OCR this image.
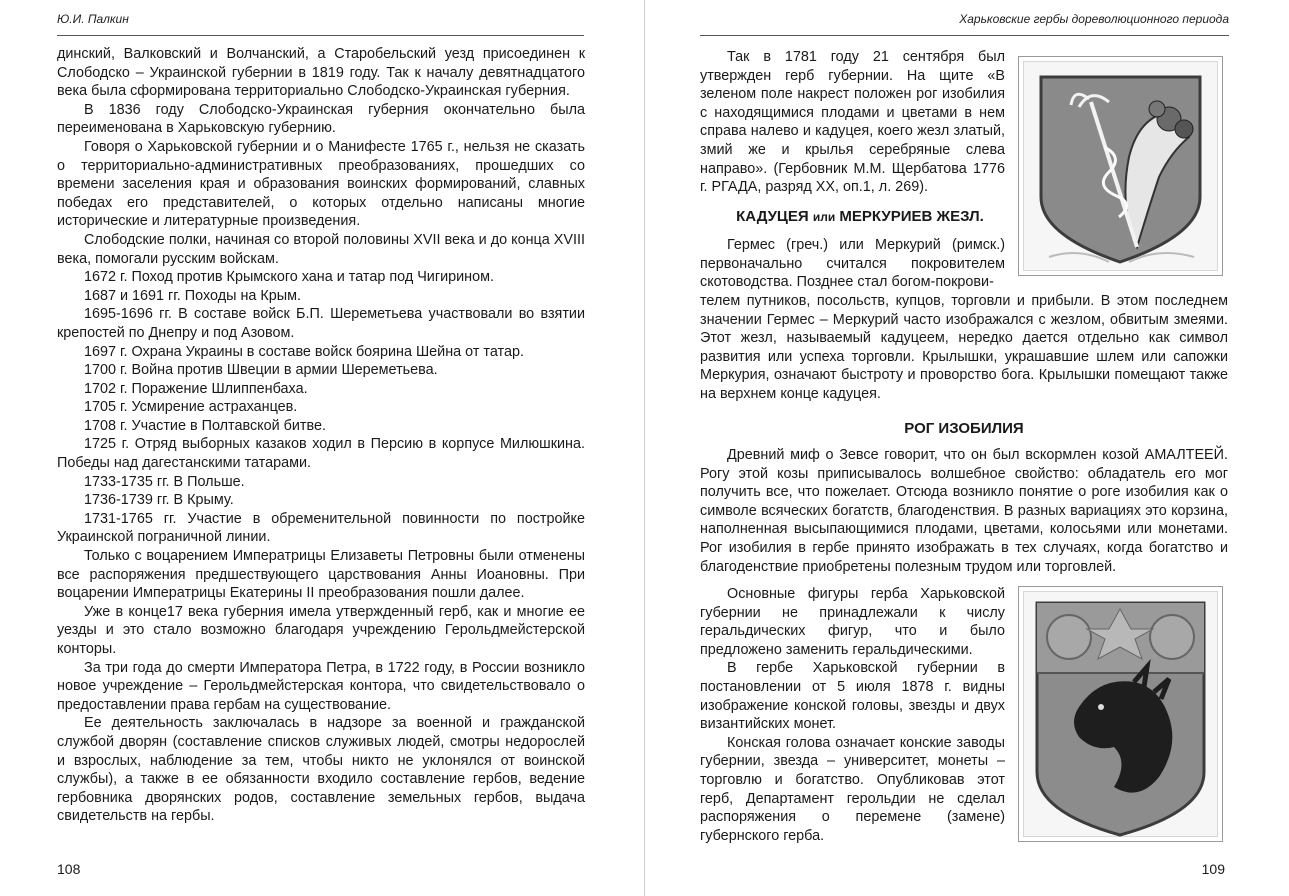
Ю.И. Палкин

динский, Валковский и Волчанский, а Старобельский уезд присоединен к Слободско – Украинской губернии в 1819 году. Так к началу девятнадцатого века была сформирована территориально Слободско-Украинская губерния.

В 1836 году Слободско-Украинская губерния окончательно была переименована в Харьковскую губернию.

Говоря о Харьковской губернии и о Манифесте 1765 г., нельзя не сказать о территориально-административных преобразованиях, прошедших со времени заселения края и образования воинских формирований, славных победах его представителей, о которых отдельно написаны многие исторические и литературные произведения.

Слободские полки, начиная со второй половины XVII века и до конца XVIII века, помогали русским войскам.

1672 г. Поход против Крымского хана и татар под Чигирином.

1687 и 1691 гг. Походы на Крым.

1695-1696 гг. В составе войск Б.П. Шереметьева участвовали во взятии крепостей по Днепру и под Азовом.

1697 г. Охрана Украины в составе войск боярина Шейна от татар.

1700 г. Война против Швеции в армии Шереметьева.

1702 г. Поражение Шлиппенбаха.

1705 г. Усмирение астраханцев.

1708 г. Участие в Полтавской битве.

1725 г. Отряд выборных казаков ходил в Персию в корпусе Милюшкина. Победы над дагестанскими татарами.

1733-1735 гг. В Польше.

1736-1739 гг. В Крыму.

1731-1765 гг. Участие в обременительной повинности по постройке Украинской пограничной линии.

Только с воцарением Императрицы Елизаветы Петровны были отменены все распоряжения предшествующего царствования Анны Иоановны. При воцарении Императрицы Екатерины II преобразования пошли далее.

Уже в конце17 века губерния имела утвержденный герб, как и многие ее уезды и это стало возможно благодаря учреждению Герольдмейстерской конторы.

За три года до смерти Императора Петра, в 1722 году, в России возникло новое учреждение – Герольдмейстерская контора, что свидетельствовало о предоставлении права гербам на существование.

Ее деятельность заключалась в надзоре за военной и гражданской службой дворян (составление списков служивых людей, смотры недорослей и взрослых, наблюдение за тем, чтобы никто не уклонялся от воинской службы), а также в ее обязанности входило составление гербов, ведение гербовника дворянских родов, составление земельных гербов, выдача свидетельств на гербы.

108
Харьковские гербы дореволюционного периода

Так в 1781 году 21 сентября был утвержден герб губернии. На щите «В зеленом поле накрест положен рог изобилия с находящимися плодами и цветами в нем справа налево и кадуцея, коего жезл златый, змий же и крылья серебряные слева направо». (Гербовник М.М. Щербатова 1776 г. РГАДА, разряд XX, оп.1, л. 269).

КАДУЦЕЯ или МЕРКУРИЕВ ЖЕЗЛ.

Гермес (греч.) или Меркурий (римск.) первоначально считался покровителем скотоводства. Позднее стал богом-покрови-

телем путников, посольств, купцов, торговли и прибыли. В этом последнем значении Гермес – Меркурий часто изображался с жезлом, обвитым змеями. Этот жезл, называемый кадуцеем, нередко дается отдельно как символ развития или успеха торговли. Крылышки, украшавшие шлем или сапожки Меркурия, означают быстроту и проворство бога. Крылышки помещают также на верхнем конце кадуцея.

РОГ ИЗОБИЛИЯ

Древний миф о Зевсе говорит, что он был вскормлен козой АМАЛТЕЕЙ. Рогу этой козы приписывалось волшебное свойство: обладатель его мог получить все, что пожелает. Отсюда возникло понятие о роге изобилия как о символе всяческих богатств, благоденствия. В разных вариациях это корзина, наполненная высыпающимися плодами, цветами, колосьями или монетами. Рог изобилия в гербе принято изображать в тех случаях, когда богатство и благоденствие приобретены полезным трудом или торговлей.

Основные фигуры герба Харьковской губернии не принадлежали к числу геральдических фигур, что и было предложено заменить геральдическими.

В гербе Харьковской губернии в постановлении от 5 июля 1878 г. видны изображение конской головы, звезды и двух византийских монет.

Конская голова означает конские заводы губернии, звезда – университет, монеты – торговлю и богатство. Опубликовав этот герб, Департамент герольдии не сделал распоряжения о перемене (замене) губернского герба.

109
